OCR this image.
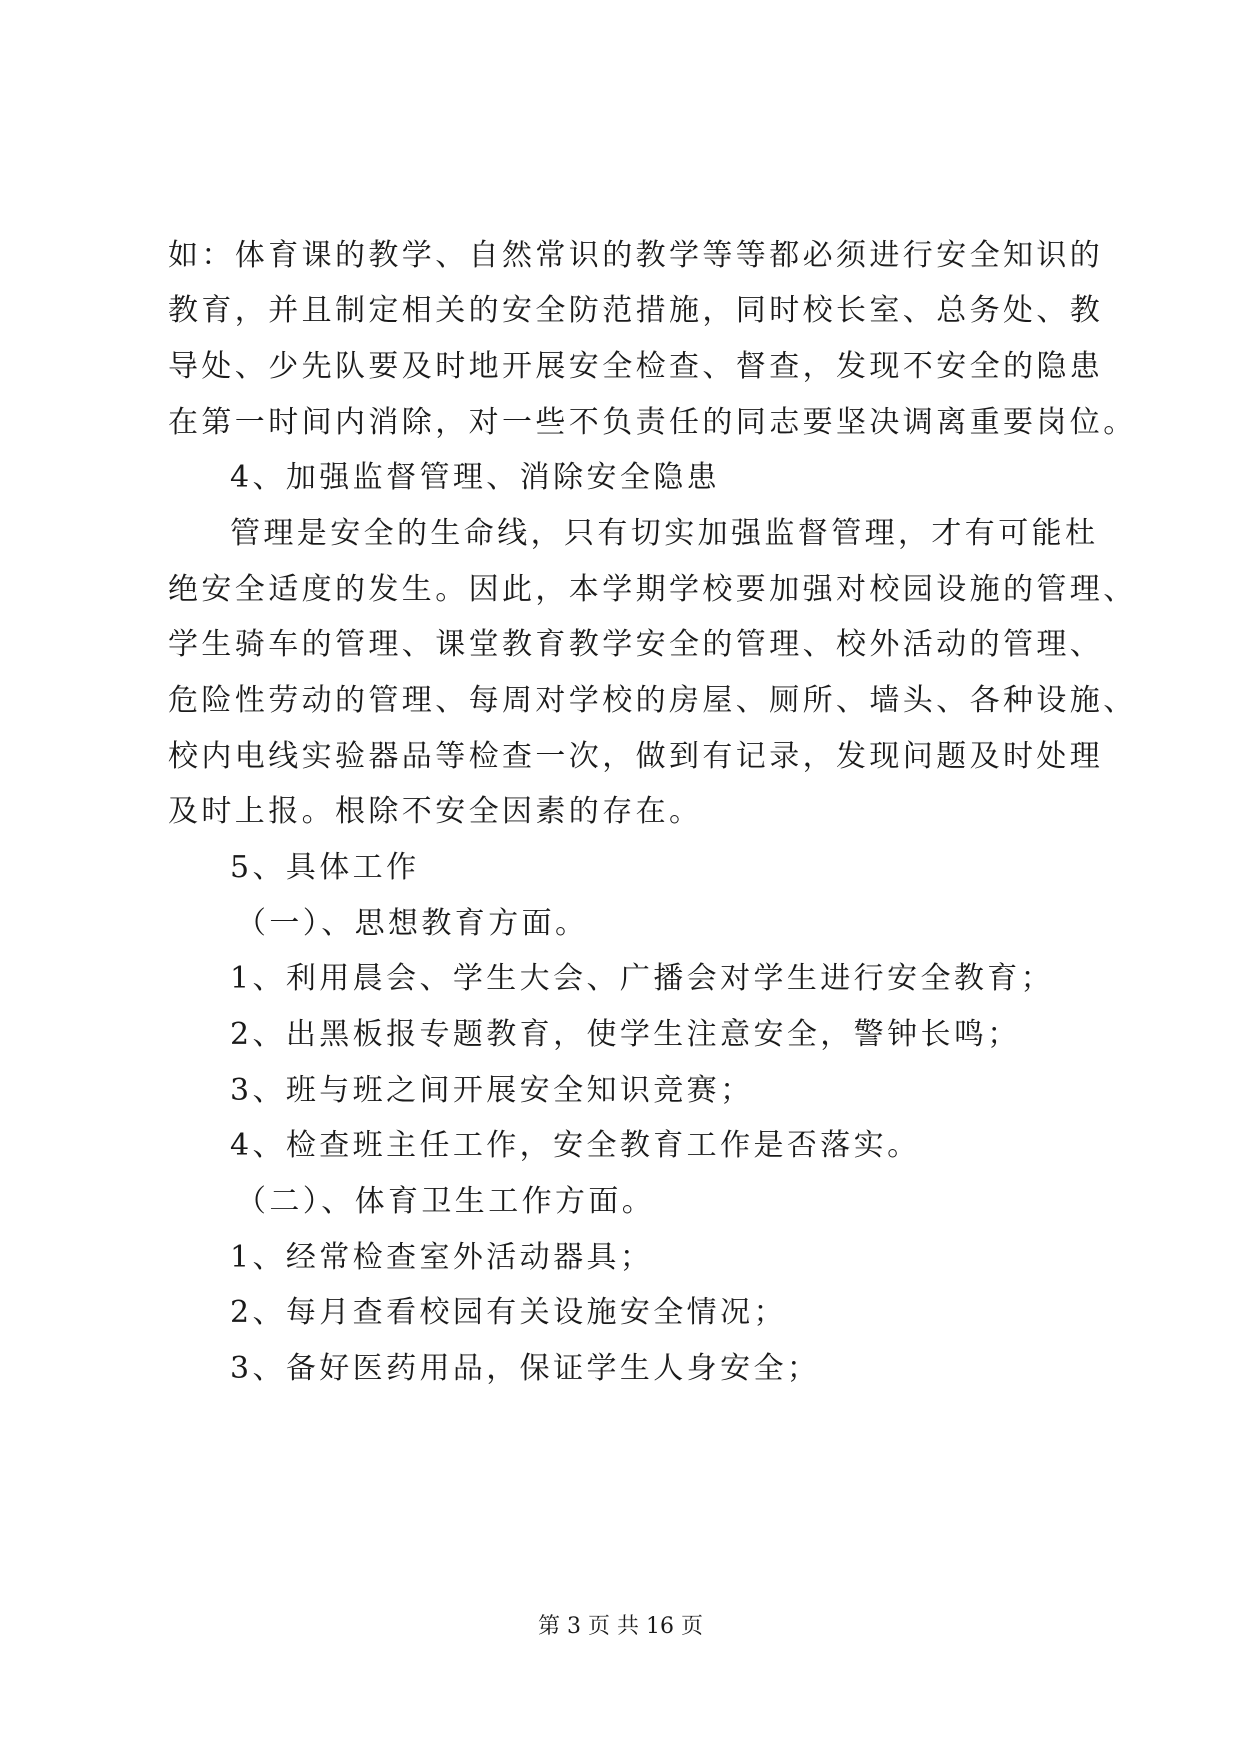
如：体育课的教学、自然常识的教学等等都必须进行安全知识的
教育，并且制定相关的安全防范措施，同时校长室、总务处、教
导处、少先队要及时地开展安全检查、督查，发现不安全的隐患
在第一时间内消除，对一些不负责任的同志要坚决调离重要岗位。
4、加强监督管理、消除安全隐患
管理是安全的生命线，只有切实加强监督管理，才有可能杜
绝安全适度的发生。因此，本学期学校要加强对校园设施的管理、
学生骑车的管理、课堂教育教学安全的管理、校外活动的管理、
危险性劳动的管理、每周对学校的房屋、厕所、墙头、各种设施、
校内电线实验器品等检查一次，做到有记录，发现问题及时处理
及时上报。根除不安全因素的存在。
5、具体工作
（一）、思想教育方面。
1、利用晨会、学生大会、广播会对学生进行安全教育；
2、出黑板报专题教育，使学生注意安全，警钟长鸣；
3、班与班之间开展安全知识竞赛；
4、检查班主任工作，安全教育工作是否落实。
（二）、体育卫生工作方面。
1、经常检查室外活动器具；
2、每月查看校园有关设施安全情况；
3、备好医药用品，保证学生人身安全；
第 3 页 共 16 页
